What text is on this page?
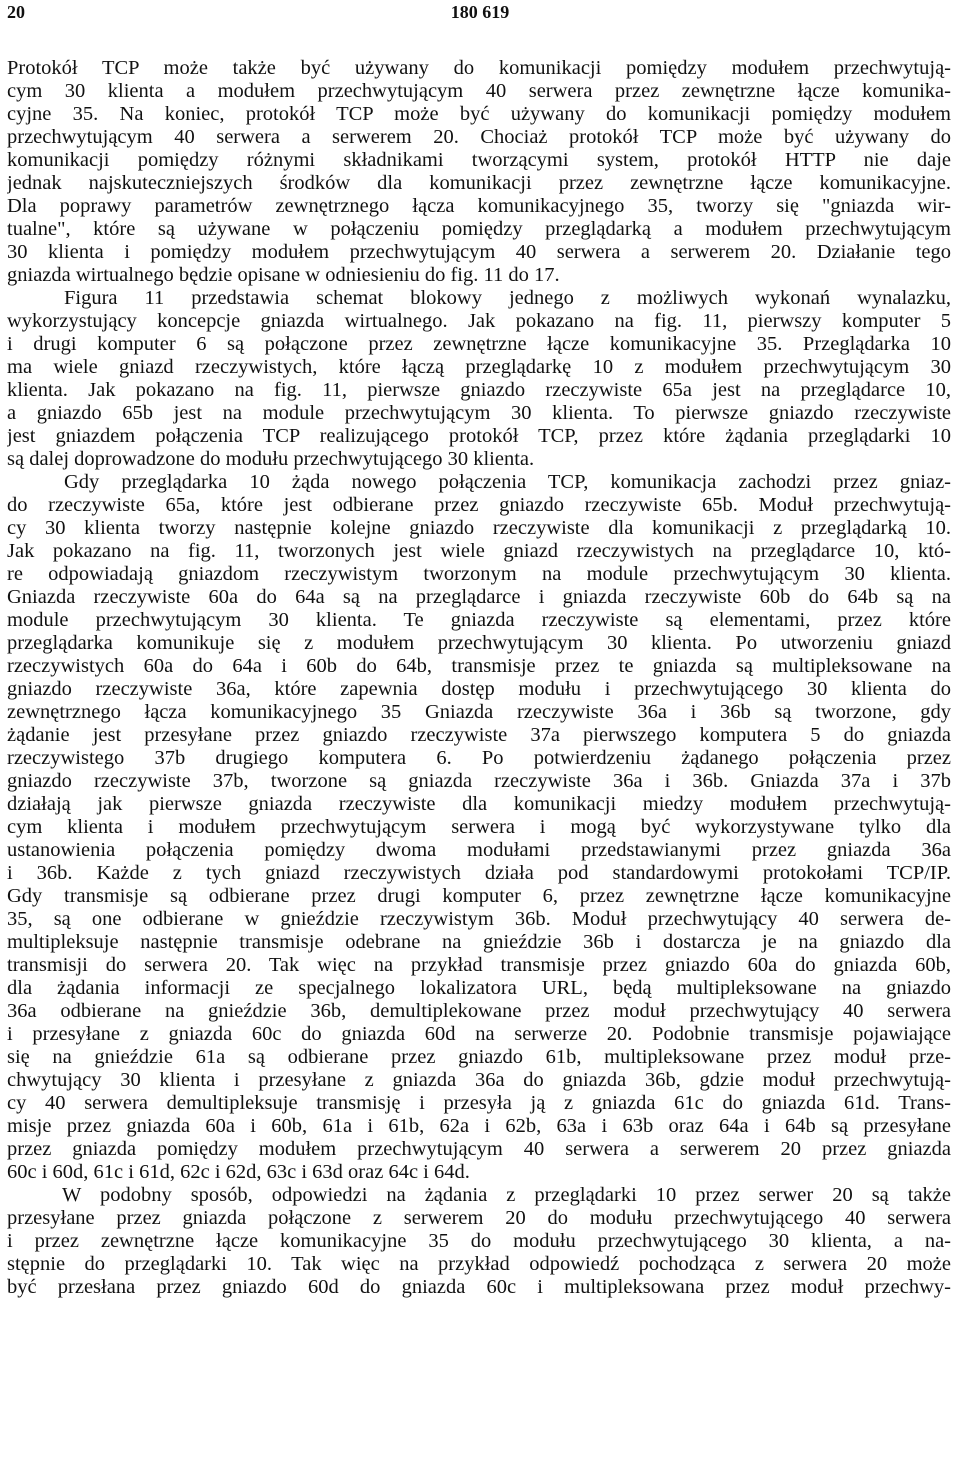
20	180 619
Protokół TCP może także być używany do komunikacji pomiędzy modułem przechwytują-
cym 30 klienta a modułem przechwytującym 40 serwera przez zewnętrzne łącze komunika-
cyjne 35. Na koniec, protokół TCP może być używany do komunikacji pomiędzy modułem
przechwytującym 40 serwera a serwerem 20. Chociaż protokół TCP może być używany do
komunikacji pomiędzy różnymi składnikami tworzącymi system, protokół HTTP nie daje
jednak najskuteczniejszych środków dla komunikacji przez zewnętrzne łącze komunikacyjne.
Dla poprawy parametrów zewnętrznego łącza komunikacyjnego 35, tworzy się "gniazda wir-
tualne", które są używane w połączeniu pomiędzy przeglądarką a modułem przechwytującym
30 klienta i pomiędzy modułem przechwytującym 40 serwera a serwerem 20. Działanie tego
gniazda wirtualnego będzie opisane w odniesieniu do fig. 11 do 17.
Figura 11 przedstawia schemat blokowy jednego z możliwych wykonań wynalazku,
wykorzystujący koncepcje gniazda wirtualnego. Jak pokazano na fig. 11, pierwszy komputer 5
i drugi komputer 6 są połączone przez zewnętrzne łącze komunikacyjne 35. Przeglądarka 10
ma wiele gniazd rzeczywistych, które łączą przeglądarkę 10 z modułem przechwytującym 30
klienta. Jak pokazano na fig. 11, pierwsze gniazdo rzeczywiste 65a jest na przeglądarce 10,
a gniazdo 65b jest na module przechwytującym 30 klienta. To pierwsze gniazdo rzeczywiste
jest gniazdem połączenia TCP realizującego protokół TCP, przez które żądania przeglądarki 10
są dalej doprowadzone do modułu przechwytującego 30 klienta.
Gdy przeglądarka 10 żąda nowego połączenia TCP, komunikacja zachodzi przez gniaz-
do rzeczywiste 65a, które jest odbierane przez gniazdo rzeczywiste 65b. Moduł przechwytują-
cy 30 klienta tworzy następnie kolejne gniazdo rzeczywiste dla komunikacji z przeglądarką 10.
Jak pokazano na fig. 11, tworzonych jest wiele gniazd rzeczywistych na przeglądarce 10, któ-
re odpowiadają gniazdom rzeczywistym tworzonym na module przechwytującym 30 klienta.
Gniazda rzeczywiste 60a do 64a są na przeglądarce i gniazda rzeczywiste 60b do 64b są na
module przechwytującym 30 klienta. Te gniazda rzeczywiste są elementami, przez które
przeglądarka komunikuje się z modułem przechwytującym 30 klienta. Po utworzeniu gniazd
rzeczywistych 60a do 64a i 60b do 64b, transmisje przez te gniazda są multipleksowane na
gniazdo rzeczywiste 36a, które zapewnia dostęp modułu i przechwytującego 30 klienta do
zewnętrznego łącza komunikacyjnego 35 Gniazda rzeczywiste 36a i 36b są tworzone, gdy
żądanie jest przesyłane przez gniazdo rzeczywiste 37a pierwszego komputera 5 do gniazda
rzeczywistego 37b drugiego komputera 6. Po potwierdzeniu żądanego połączenia przez
gniazdo rzeczywiste 37b, tworzone są gniazda rzeczywiste 36a i 36b. Gniazda 37a i 37b
działają jak pierwsze gniazda rzeczywiste dla komunikacji miedzy modułem przechwytują-
cym klienta i modułem przechwytującym serwera i mogą być wykorzystywane tylko dla
ustanowienia połączenia pomiędzy dwoma modułami przedstawianymi przez gniazda 36a
i 36b. Każde z tych gniazd rzeczywistych działa pod standardowymi protokołami TCP/IP.
Gdy transmisje są odbierane przez drugi komputer 6, przez zewnętrzne łącze komunikacyjne
35, są one odbierane w gnieździe rzeczywistym 36b. Moduł przechwytujący 40 serwera de-
multipleksuje następnie transmisje odebrane na gnieździe 36b i dostarcza je na gniazdo dla
transmisji do serwera 20. Tak więc na przykład transmisje przez gniazdo 60a do gniazda 60b,
dla żądania informacji ze specjalnego lokalizatora URL, będą multipleksowane na gniazdo
36a odbierane na gnieździe 36b, demultiplekowane przez moduł przechwytujący 40 serwera
i przesyłane z gniazda 60c do gniazda 60d na serwerze 20. Podobnie transmisje pojawiające
się na gnieździe 61a są odbierane przez gniazdo 61b, multipleksowane przez moduł prze-
chwytujący 30 klienta i przesyłane z gniazda 36a do gniazda 36b, gdzie moduł przechwytują-
cy 40 serwera demultipleksuje transmisję i przesyła ją z gniazda 61c do gniazda 61d. Trans-
misje przez gniazda 60a i 60b, 61a i 61b, 62a i 62b, 63a i 63b oraz 64a i 64b są przesyłane
przez gniazda pomiędzy modułem przechwytującym 40 serwera a serwerem 20 przez gniazda
60c i 60d, 61c i 61d, 62c i 62d, 63c i 63d oraz 64c i 64d.
W podobny sposób, odpowiedzi na żądania z przeglądarki 10 przez serwer 20 są także
przesyłane przez gniazda połączone z serwerem 20 do modułu przechwytującego 40 serwera
i przez zewnętrzne łącze komunikacyjne 35 do modułu przechwytującego 30 klienta, a na-
stępnie do przeglądarki 10. Tak więc na przykład odpowiedź pochodząca z serwera 20 może
być przesłana przez gniazdo 60d do gniazda 60c i multipleksowana przez moduł przechwy-
